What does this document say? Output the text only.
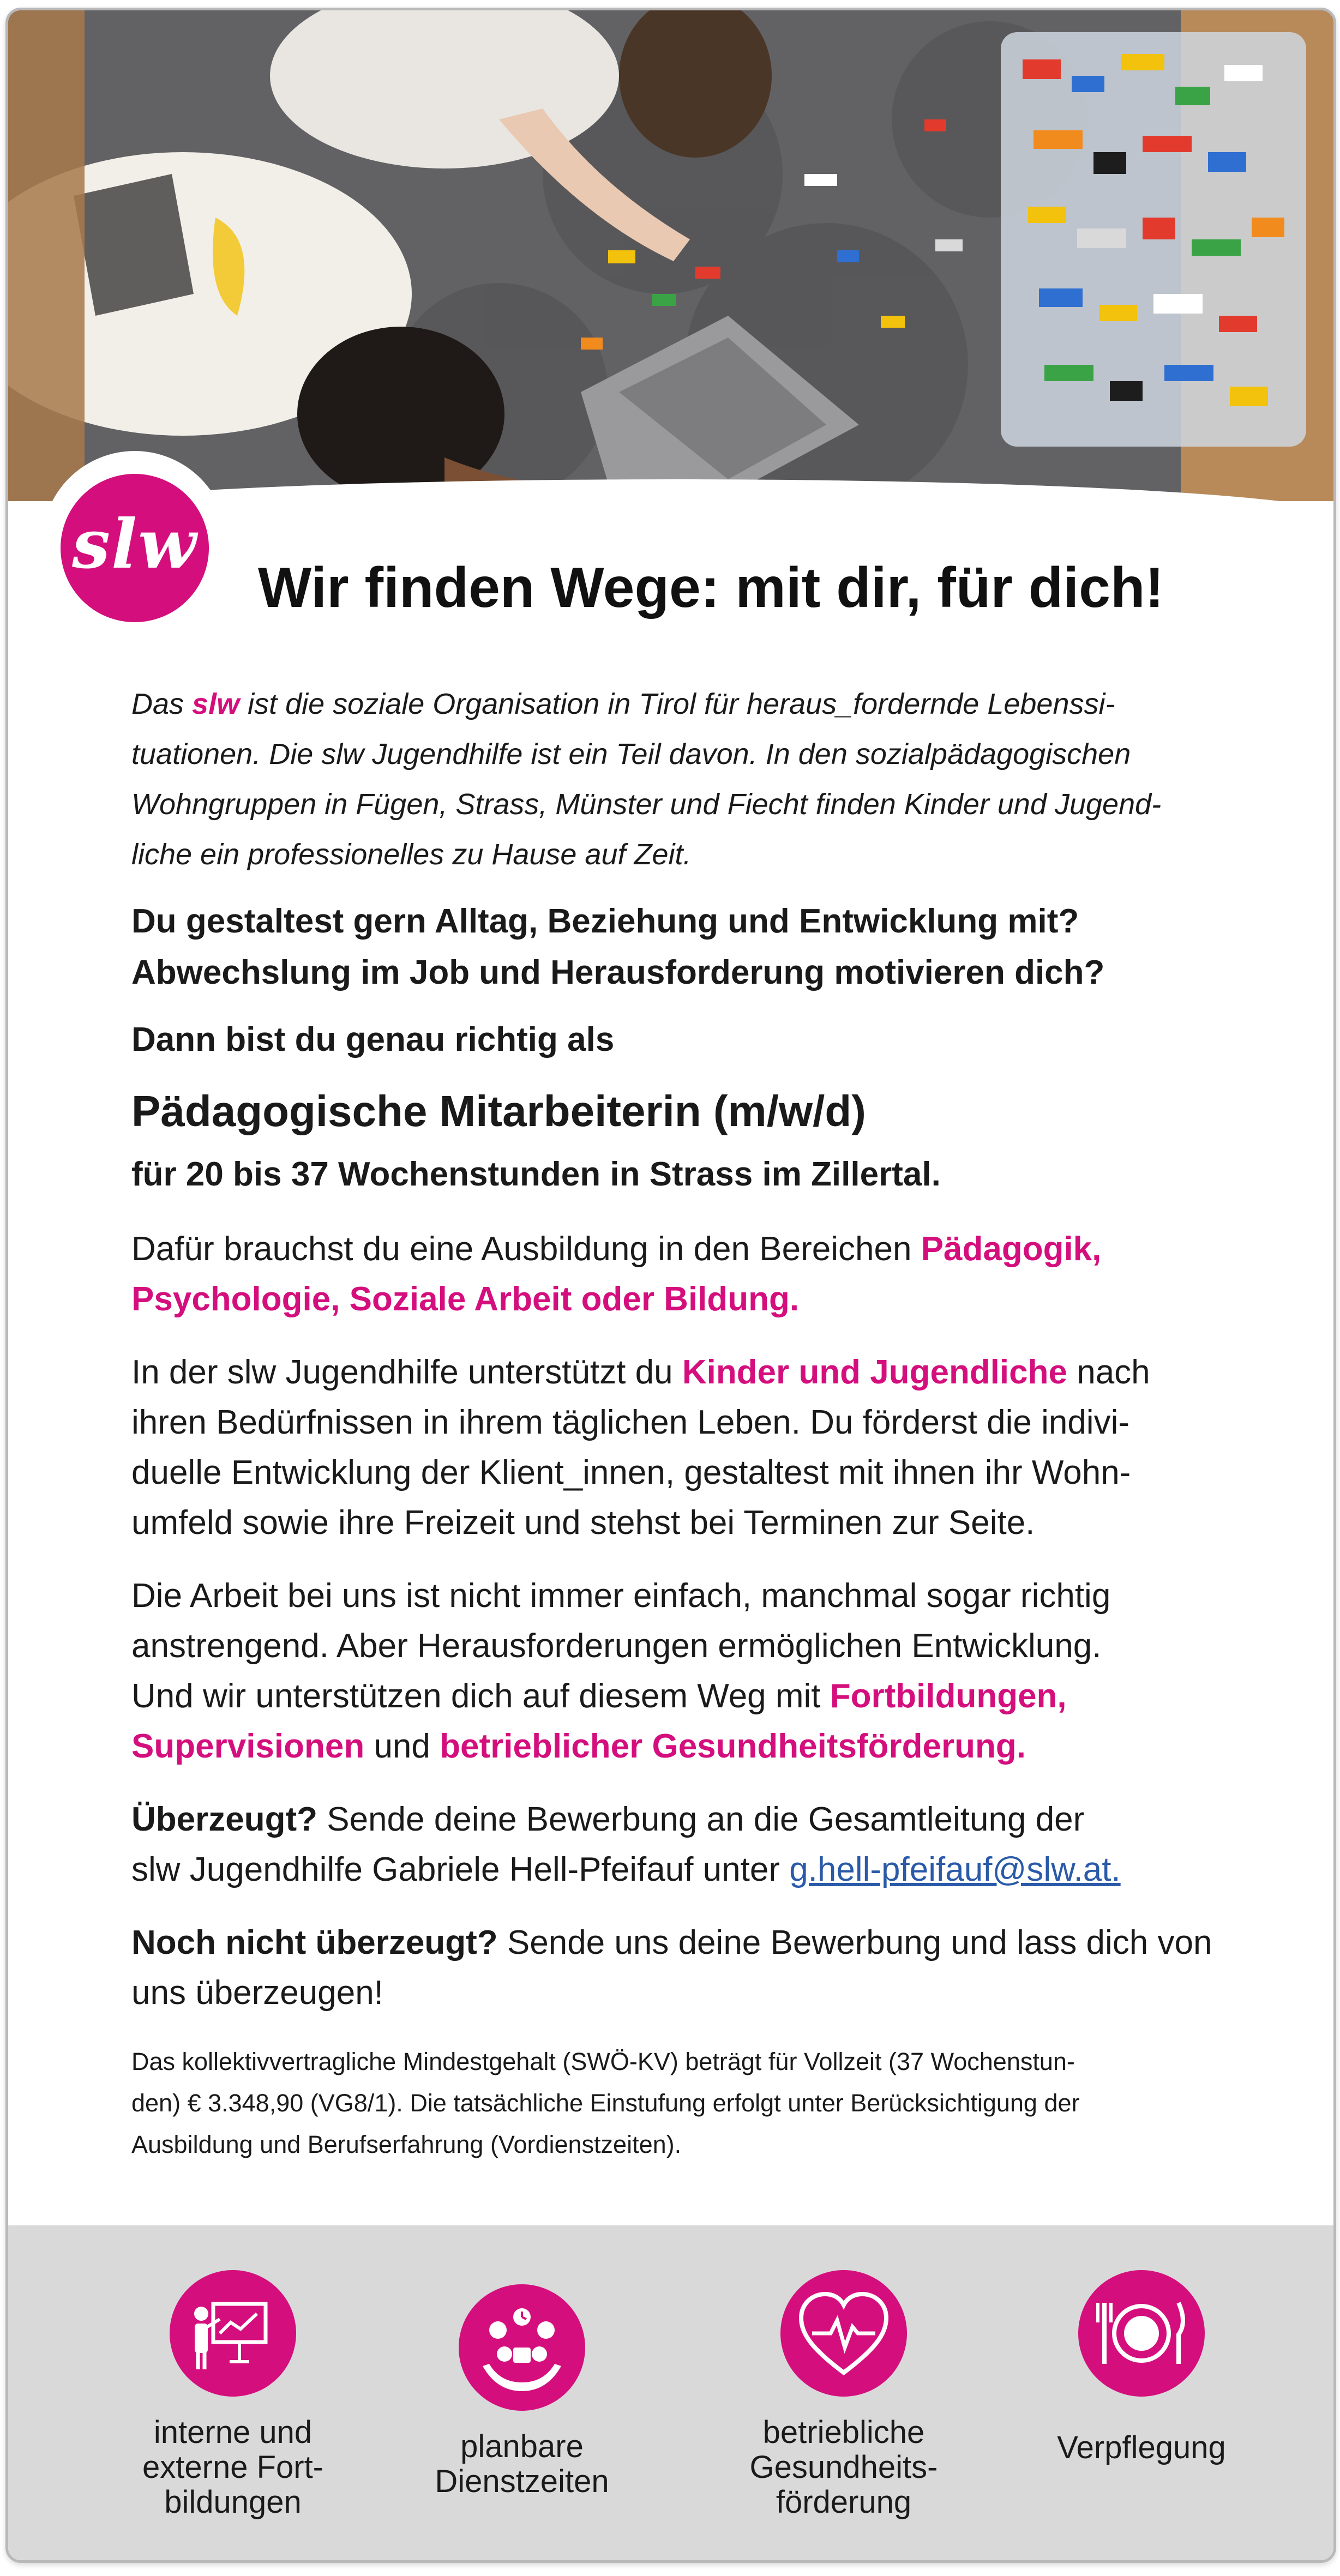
slw
Wir finden Wege: mit dir, für dich!

Das slw ist die soziale Organisation in Tirol für heraus_fordernde Lebenssi-
tuationen. Die slw Jugendhilfe ist ein Teil davon. In den sozialpädagogischen
Wohngruppen in Fügen, Strass, Münster und Fiecht finden Kinder und Jugend-
liche ein professionelles zu Hause auf Zeit.

Du gestaltest gern Alltag, Beziehung und Entwicklung mit?
Abwechslung im Job und Herausforderung motivieren dich?

Dann bist du genau richtig als

Pädagogische Mitarbeiterin (m/w/d)

für 20 bis 37 Wochenstunden in Strass im Zillertal.

Dafür brauchst du eine Ausbildung in den Bereichen Pädagogik,
Psychologie, Soziale Arbeit oder Bildung.

In der slw Jugendhilfe unterstützt du Kinder und Jugendliche nach
ihren Bedürfnissen in ihrem täglichen Leben. Du förderst die indivi-
duelle Entwicklung der Klient_innen, gestaltest mit ihnen ihr Wohn-
umfeld sowie ihre Freizeit und stehst bei Terminen zur Seite.

Die Arbeit bei uns ist nicht immer einfach, manchmal sogar richtig
anstrengend. Aber Herausforderungen ermöglichen Entwicklung.
Und wir unterstützen dich auf diesem Weg mit Fortbildungen,
Supervisionen und betrieblicher Gesundheitsförderung.

Überzeugt? Sende deine Bewerbung an die Gesamtleitung der
slw Jugendhilfe Gabriele Hell-Pfeifauf unter g.hell-pfeifauf@slw.at.

Noch nicht überzeugt? Sende uns deine Bewerbung und lass dich von
uns überzeugen!

Das kollektivvertragliche Mindestgehalt (SWÖ-KV) beträgt für Vollzeit (37 Wochenstun-
den) € 3.348,90 (VG8/1). Die tatsächliche Einstufung erfolgt unter Berücksichtigung der
Ausbildung und Berufserfahrung (Vordienstzeiten).

interne und
externe Fort-
bildungen
planbare
Dienstzeiten
betriebliche
Gesundheits-
förderung
Verpflegung
